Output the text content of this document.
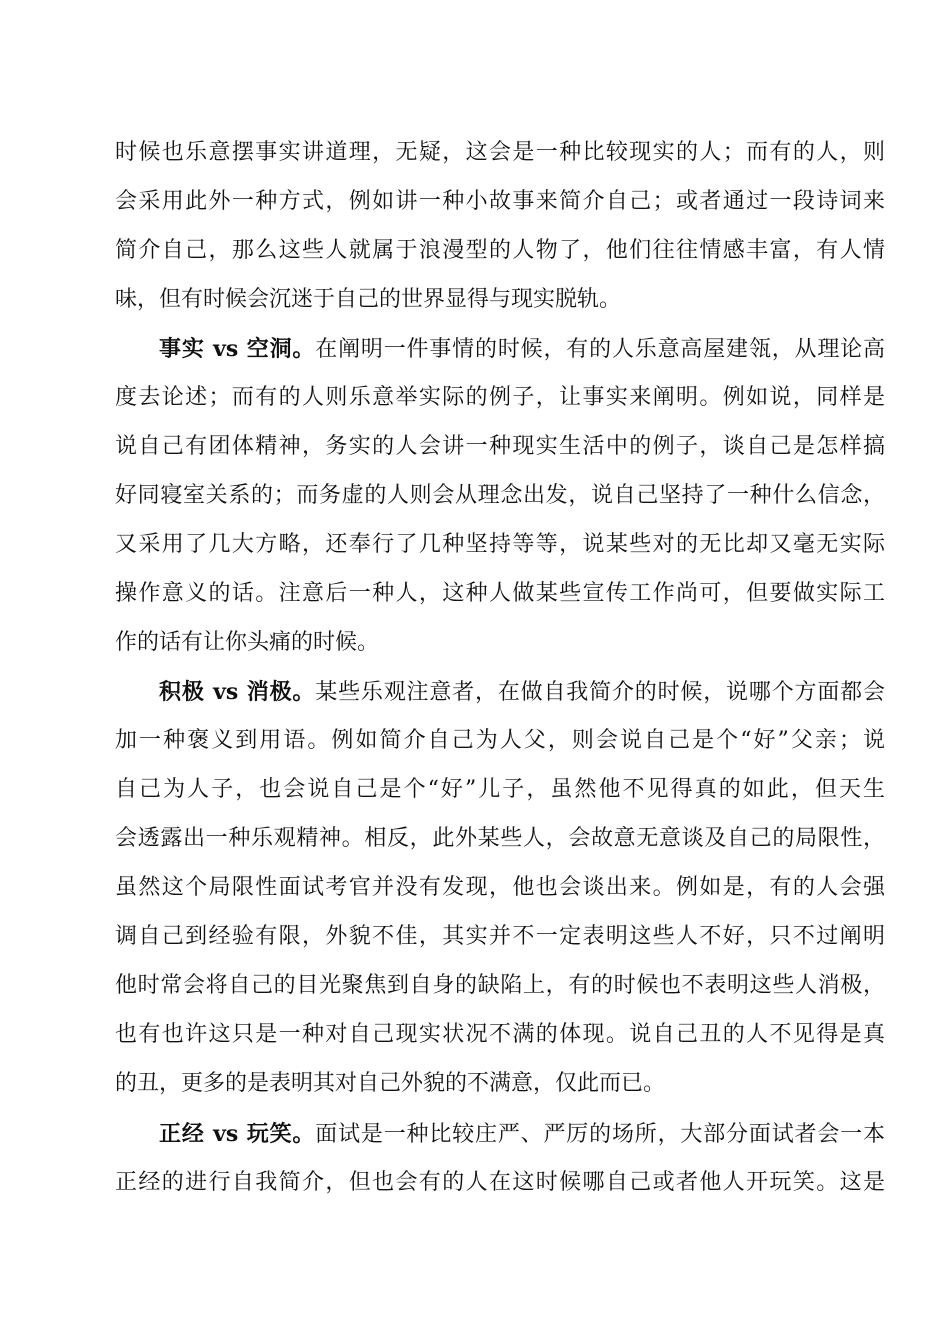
时候也乐意摆事实讲道理，无疑，这会是一种比较现实的人；而有的人，则
会采用此外一种方式，例如讲一种小故事来简介自己；或者通过一段诗词来
简介自己，那么这些人就属于浪漫型的人物了，他们往往情感丰富，有人情
味，但有时候会沉迷于自己的世界显得与现实脱轨。
事实 vs 空洞。在阐明一件事情的时候，有的人乐意高屋建瓴，从理论高
度去论述；而有的人则乐意举实际的例子，让事实来阐明。例如说，同样是
说自己有团体精神，务实的人会讲一种现实生活中的例子，谈自己是怎样搞
好同寝室关系的；而务虚的人则会从理念出发，说自己坚持了一种什么信念，
又采用了几大方略，还奉行了几种坚持等等，说某些对的无比却又毫无实际
操作意义的话。注意后一种人，这种人做某些宣传工作尚可，但要做实际工
作的话有让你头痛的时候。
积极 vs 消极。某些乐观注意者，在做自我简介的时候，说哪个方面都会
加一种褒义到用语。例如简介自己为人父，则会说自己是个“好”父亲；说
自己为人子，也会说自己是个“好”儿子，虽然他不见得真的如此，但天生
会透露出一种乐观精神。相反，此外某些人，会故意无意谈及自己的局限性，
虽然这个局限性面试考官并没有发现，他也会谈出来。例如是，有的人会强
调自己到经验有限，外貌不佳，其实并不一定表明这些人不好，只不过阐明
他时常会将自己的目光聚焦到自身的缺陷上，有的时候也不表明这些人消极，
也有也许这只是一种对自己现实状况不满的体现。说自己丑的人不见得是真
的丑，更多的是表明其对自己外貌的不满意，仅此而已。
正经 vs 玩笑。面试是一种比较庄严、严厉的场所，大部分面试者会一本
正经的进行自我简介，但也会有的人在这时候哪自己或者他人开玩笑。这是
